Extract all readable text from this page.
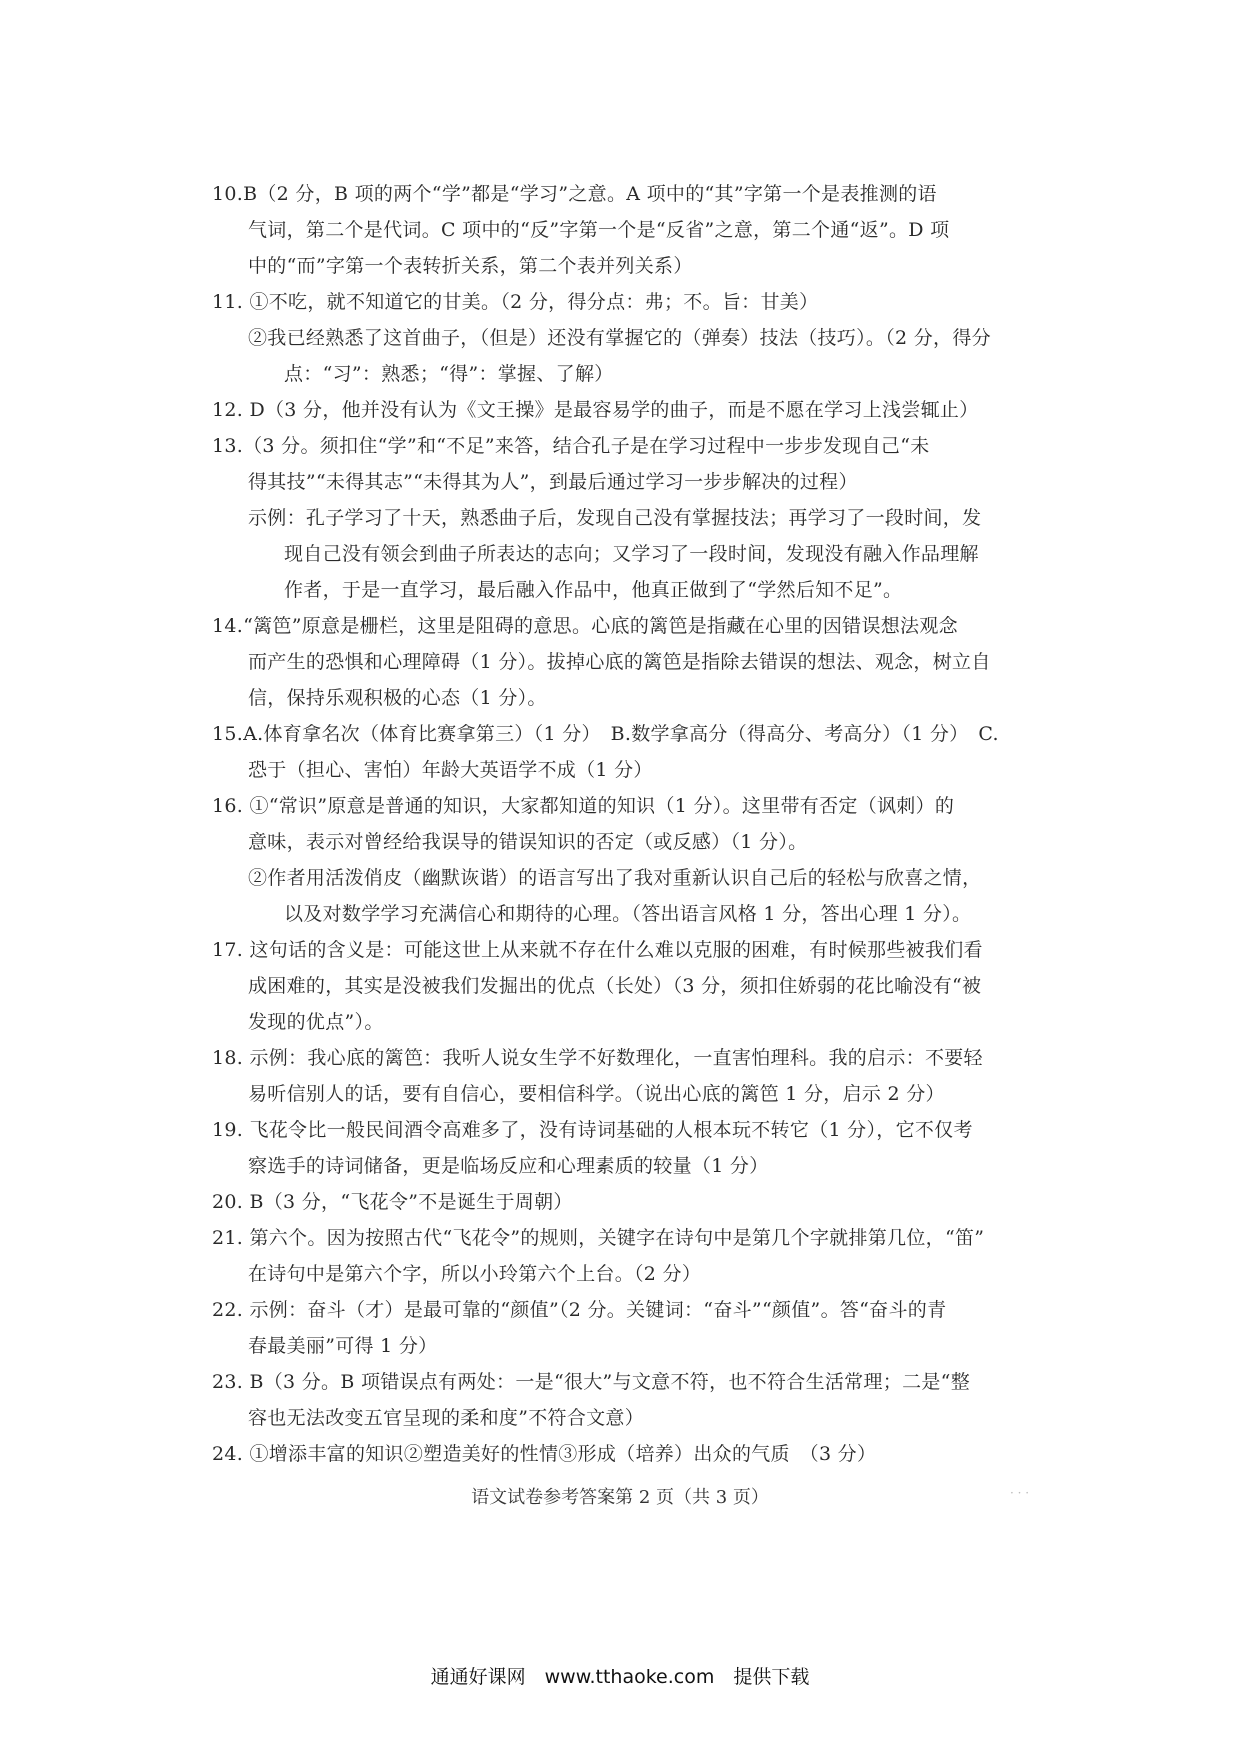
10.B（2 分，B 项的两个“学”都是“学习”之意。A 项中的“其”字第一个是表推测的语
气词，第二个是代词。C 项中的“反”字第一个是“反省”之意，第二个通“返”。D 项
中的“而”字第一个表转折关系，第二个表并列关系）
11. ①不吃，就不知道它的甘美。（2 分，得分点：弗；不。旨：甘美）
②我已经熟悉了这首曲子，（但是）还没有掌握它的（弹奏）技法（技巧）。（2 分，得分
点：“习”：熟悉；“得”：掌握、了解）
12. D（3 分，他并没有认为《文王操》是最容易学的曲子，而是不愿在学习上浅尝辄止）
13.（3 分。须扣住“学”和“不足”来答，结合孔子是在学习过程中一步步发现自己“未
得其技”“未得其志”“未得其为人”，到最后通过学习一步步解决的过程）
示例：孔子学习了十天，熟悉曲子后，发现自己没有掌握技法；再学习了一段时间，发
现自己没有领会到曲子所表达的志向；又学习了一段时间，发现没有融入作品理解
作者，于是一直学习，最后融入作品中，他真正做到了“学然后知不足”。
14.“篱笆”原意是栅栏，这里是阻碍的意思。心底的篱笆是指藏在心里的因错误想法观念
而产生的恐惧和心理障碍（1 分）。拔掉心底的篱笆是指除去错误的想法、观念，树立自
信，保持乐观积极的心态（1 分）。
15.A.体育拿名次（体育比赛拿第三）（1 分）　B.数学拿高分（得高分、考高分）（1 分）　C.
恐于（担心、害怕）年龄大英语学不成（1 分）
16. ①“常识”原意是普通的知识，大家都知道的知识（1 分）。这里带有否定（讽刺）的
意味，表示对曾经给我误导的错误知识的否定（或反感）（1 分）。
②作者用活泼俏皮（幽默诙谐）的语言写出了我对重新认识自己后的轻松与欣喜之情，
以及对数学学习充满信心和期待的心理。（答出语言风格 1 分，答出心理 1 分）。
17. 这句话的含义是：可能这世上从来就不存在什么难以克服的困难，有时候那些被我们看
成困难的，其实是没被我们发掘出的优点（长处）（3 分，须扣住娇弱的花比喻没有“被
发现的优点”）。
18. 示例：我心底的篱笆：我听人说女生学不好数理化，一直害怕理科。我的启示：不要轻
易听信别人的话，要有自信心，要相信科学。（说出心底的篱笆 1 分，启示 2 分）
19. 飞花令比一般民间酒令高难多了，没有诗词基础的人根本玩不转它（1 分），它不仅考
察选手的诗词储备，更是临场反应和心理素质的较量（1 分）
20. B（3 分，“飞花令”不是诞生于周朝）
21. 第六个。因为按照古代“飞花令”的规则，关键字在诗句中是第几个字就排第几位，“笛”
在诗句中是第六个字，所以小玲第六个上台。（2 分）
22. 示例：奋斗（才）是最可靠的“颜值”（2 分。关键词：“奋斗”“颜值”。答“奋斗的青
春最美丽”可得 1 分）
23. B（3 分。B 项错误点有两处：一是“很大”与文意不符，也不符合生活常理；二是“整
容也无法改变五官呈现的柔和度”不符合文意）
24. ①增添丰富的知识②塑造美好的性情③形成（培养）出众的气质　（3 分）
语文试卷参考答案第 2 页（共 3 页）	· · ·
通通好课网　www.tthaoke.com　提供下载
